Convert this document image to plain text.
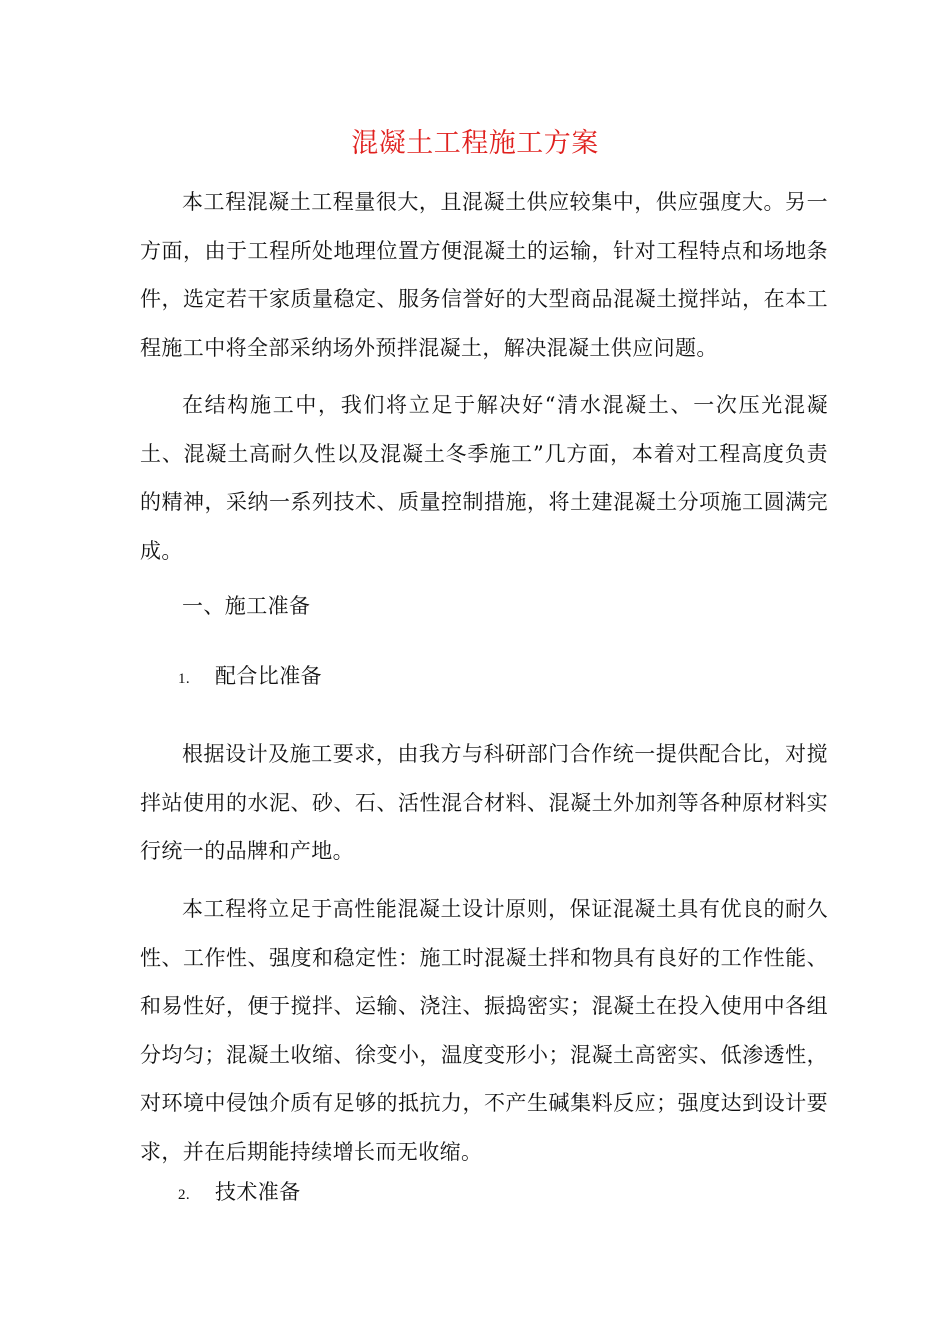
混凝土工程施工方案

本工程混凝土工程量很大，且混凝土供应较集中，供应强度大。另一方面，由于工程所处地理位置方便混凝土的运输，针对工程特点和场地条件，选定若干家质量稳定、服务信誉好的大型商品混凝土搅拌站，在本工程施工中将全部采纳场外预拌混凝土，解决混凝土供应问题。

在结构施工中，我们将立足于解决好“清水混凝土、一次压光混凝土、混凝土高耐久性以及混凝土冬季施工”几方面，本着对工程高度负责的精神，采纳一系列技术、质量控制措施，将土建混凝土分项施工圆满完成。

一、施工准备
1. 配合比准备

根据设计及施工要求，由我方与科研部门合作统一提供配合比，对搅拌站使用的水泥、砂、石、活性混合材料、混凝土外加剂等各种原材料实行统一的品牌和产地。

本工程将立足于高性能混凝土设计原则，保证混凝土具有优良的耐久性、工作性、强度和稳定性：施工时混凝土拌和物具有良好的工作性能、和易性好，便于搅拌、运输、浇注、振捣密实；混凝土在投入使用中各组分均匀；混凝土收缩、徐变小，温度变形小；混凝土高密实、低渗透性，对环境中侵蚀介质有足够的抵抗力，不产生碱集料反应；强度达到设计要求，并在后期能持续增长而无收缩。

2. 技术准备
